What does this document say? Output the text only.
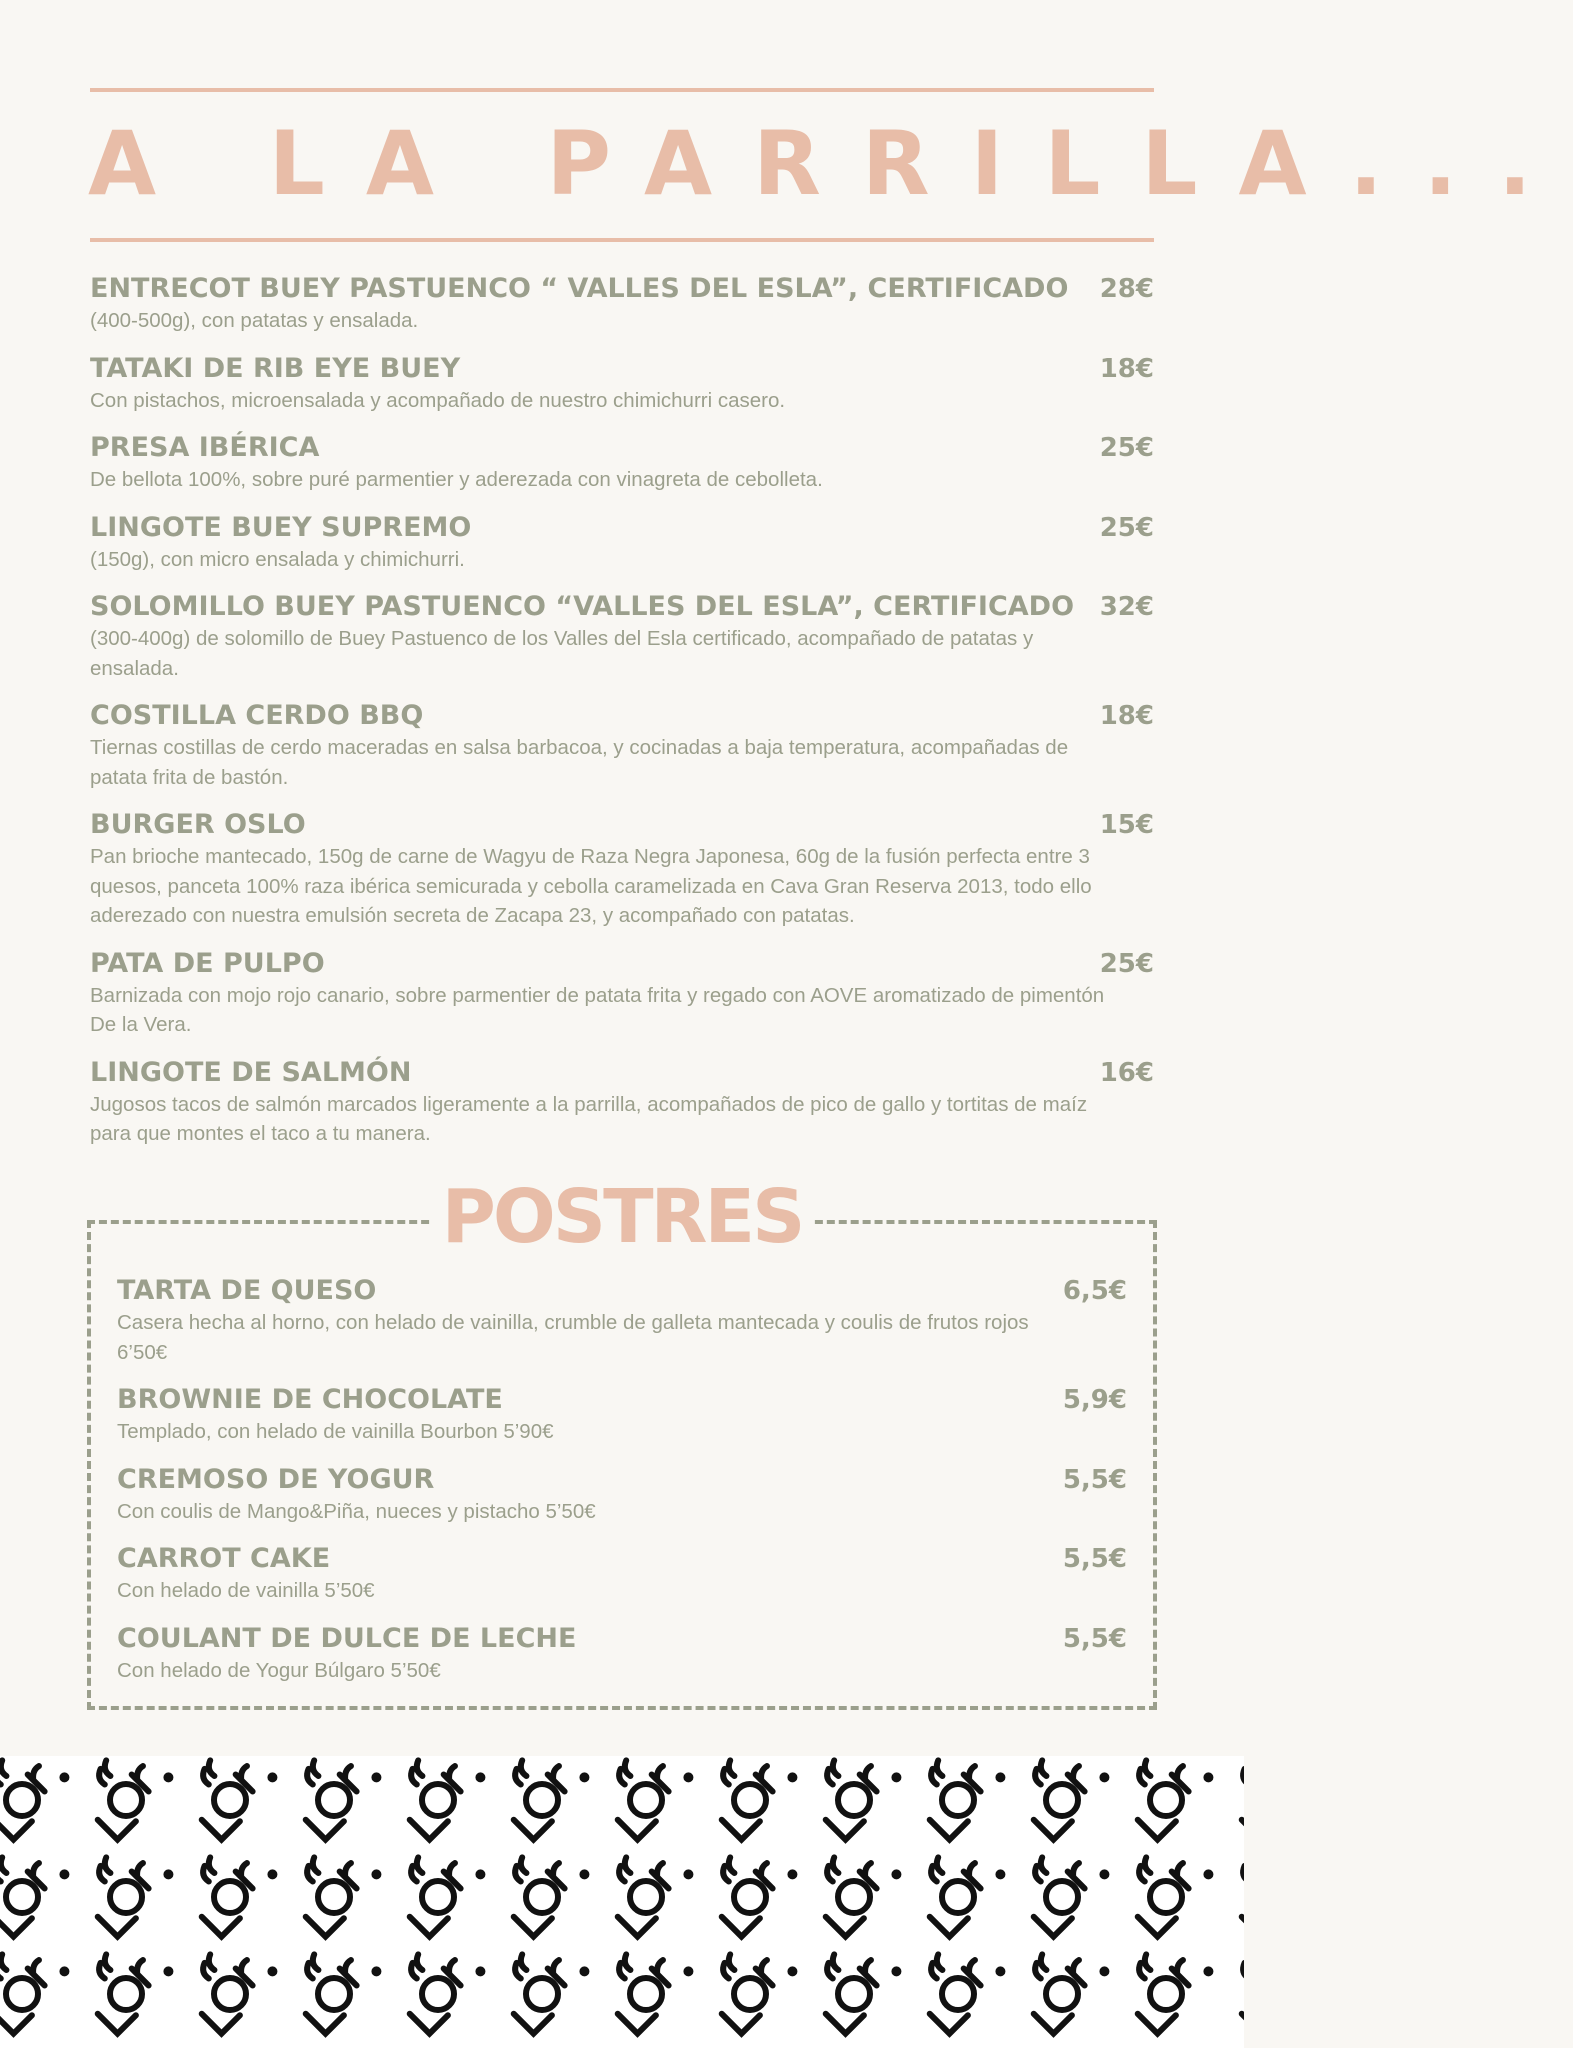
A LA PARRILLA...
ENTRECOT BUEY PASTUENCO “ VALLES DEL ESLA”, CERTIFICADO	28€
(400-500g), con patatas y ensalada.
TATAKI DE RIB EYE BUEY	18€
Con pistachos, microensalada y acompañado de nuestro chimichurri casero.
PRESA IBÉRICA	25€
De bellota 100%, sobre puré parmentier y aderezada con vinagreta de cebolleta.
LINGOTE BUEY SUPREMO	25€
(150g), con micro ensalada y chimichurri.
SOLOMILLO BUEY PASTUENCO “VALLES DEL ESLA”, CERTIFICADO 32€
(300-400g) de solomillo de Buey Pastuenco de los Valles del Esla certificado, acompañado de patatas y ensalada.
COSTILLA CERDO BBQ	18€
Tiernas costillas de cerdo maceradas en salsa barbacoa, y cocinadas a baja temperatura, acompañadas de patata frita de bastón.
BURGER OSLO	15€
Pan brioche mantecado, 150g de carne de Wagyu de Raza Negra Japonesa, 60g de la fusión perfecta entre 3 quesos, panceta 100% raza ibérica semicurada y cebolla caramelizada en Cava Gran Reserva 2013, todo ello aderezado con nuestra emulsión secreta de Zacapa 23, y acompañado con patatas.
PATA DE PULPO	25€
Barnizada con mojo rojo canario, sobre parmentier de patata frita y regado con AOVE aromatizado de pimentón De la Vera.
LINGOTE DE SALMÓN	16€
Jugosos tacos de salmón marcados ligeramente a la parrilla, acompañados de pico de gallo y tortitas de maíz para que montes el taco a tu manera.
POSTRES
TARTA DE QUESO	6,5€
Casera hecha al horno, con helado de vainilla, crumble de galleta mantecada y coulis de frutos rojos 6’50€
BROWNIE DE CHOCOLATE	5,9€
Templado, con helado de vainilla Bourbon 5’90€
CREMOSO DE YOGUR	5,5€
Con coulis de Mango&Piña, nueces y pistacho 5’50€
CARROT CAKE	5,5€
Con helado de vainilla 5’50€
COULANT DE DULCE DE LECHE	5,5€
Con helado de Yogur Búlgaro 5’50€
